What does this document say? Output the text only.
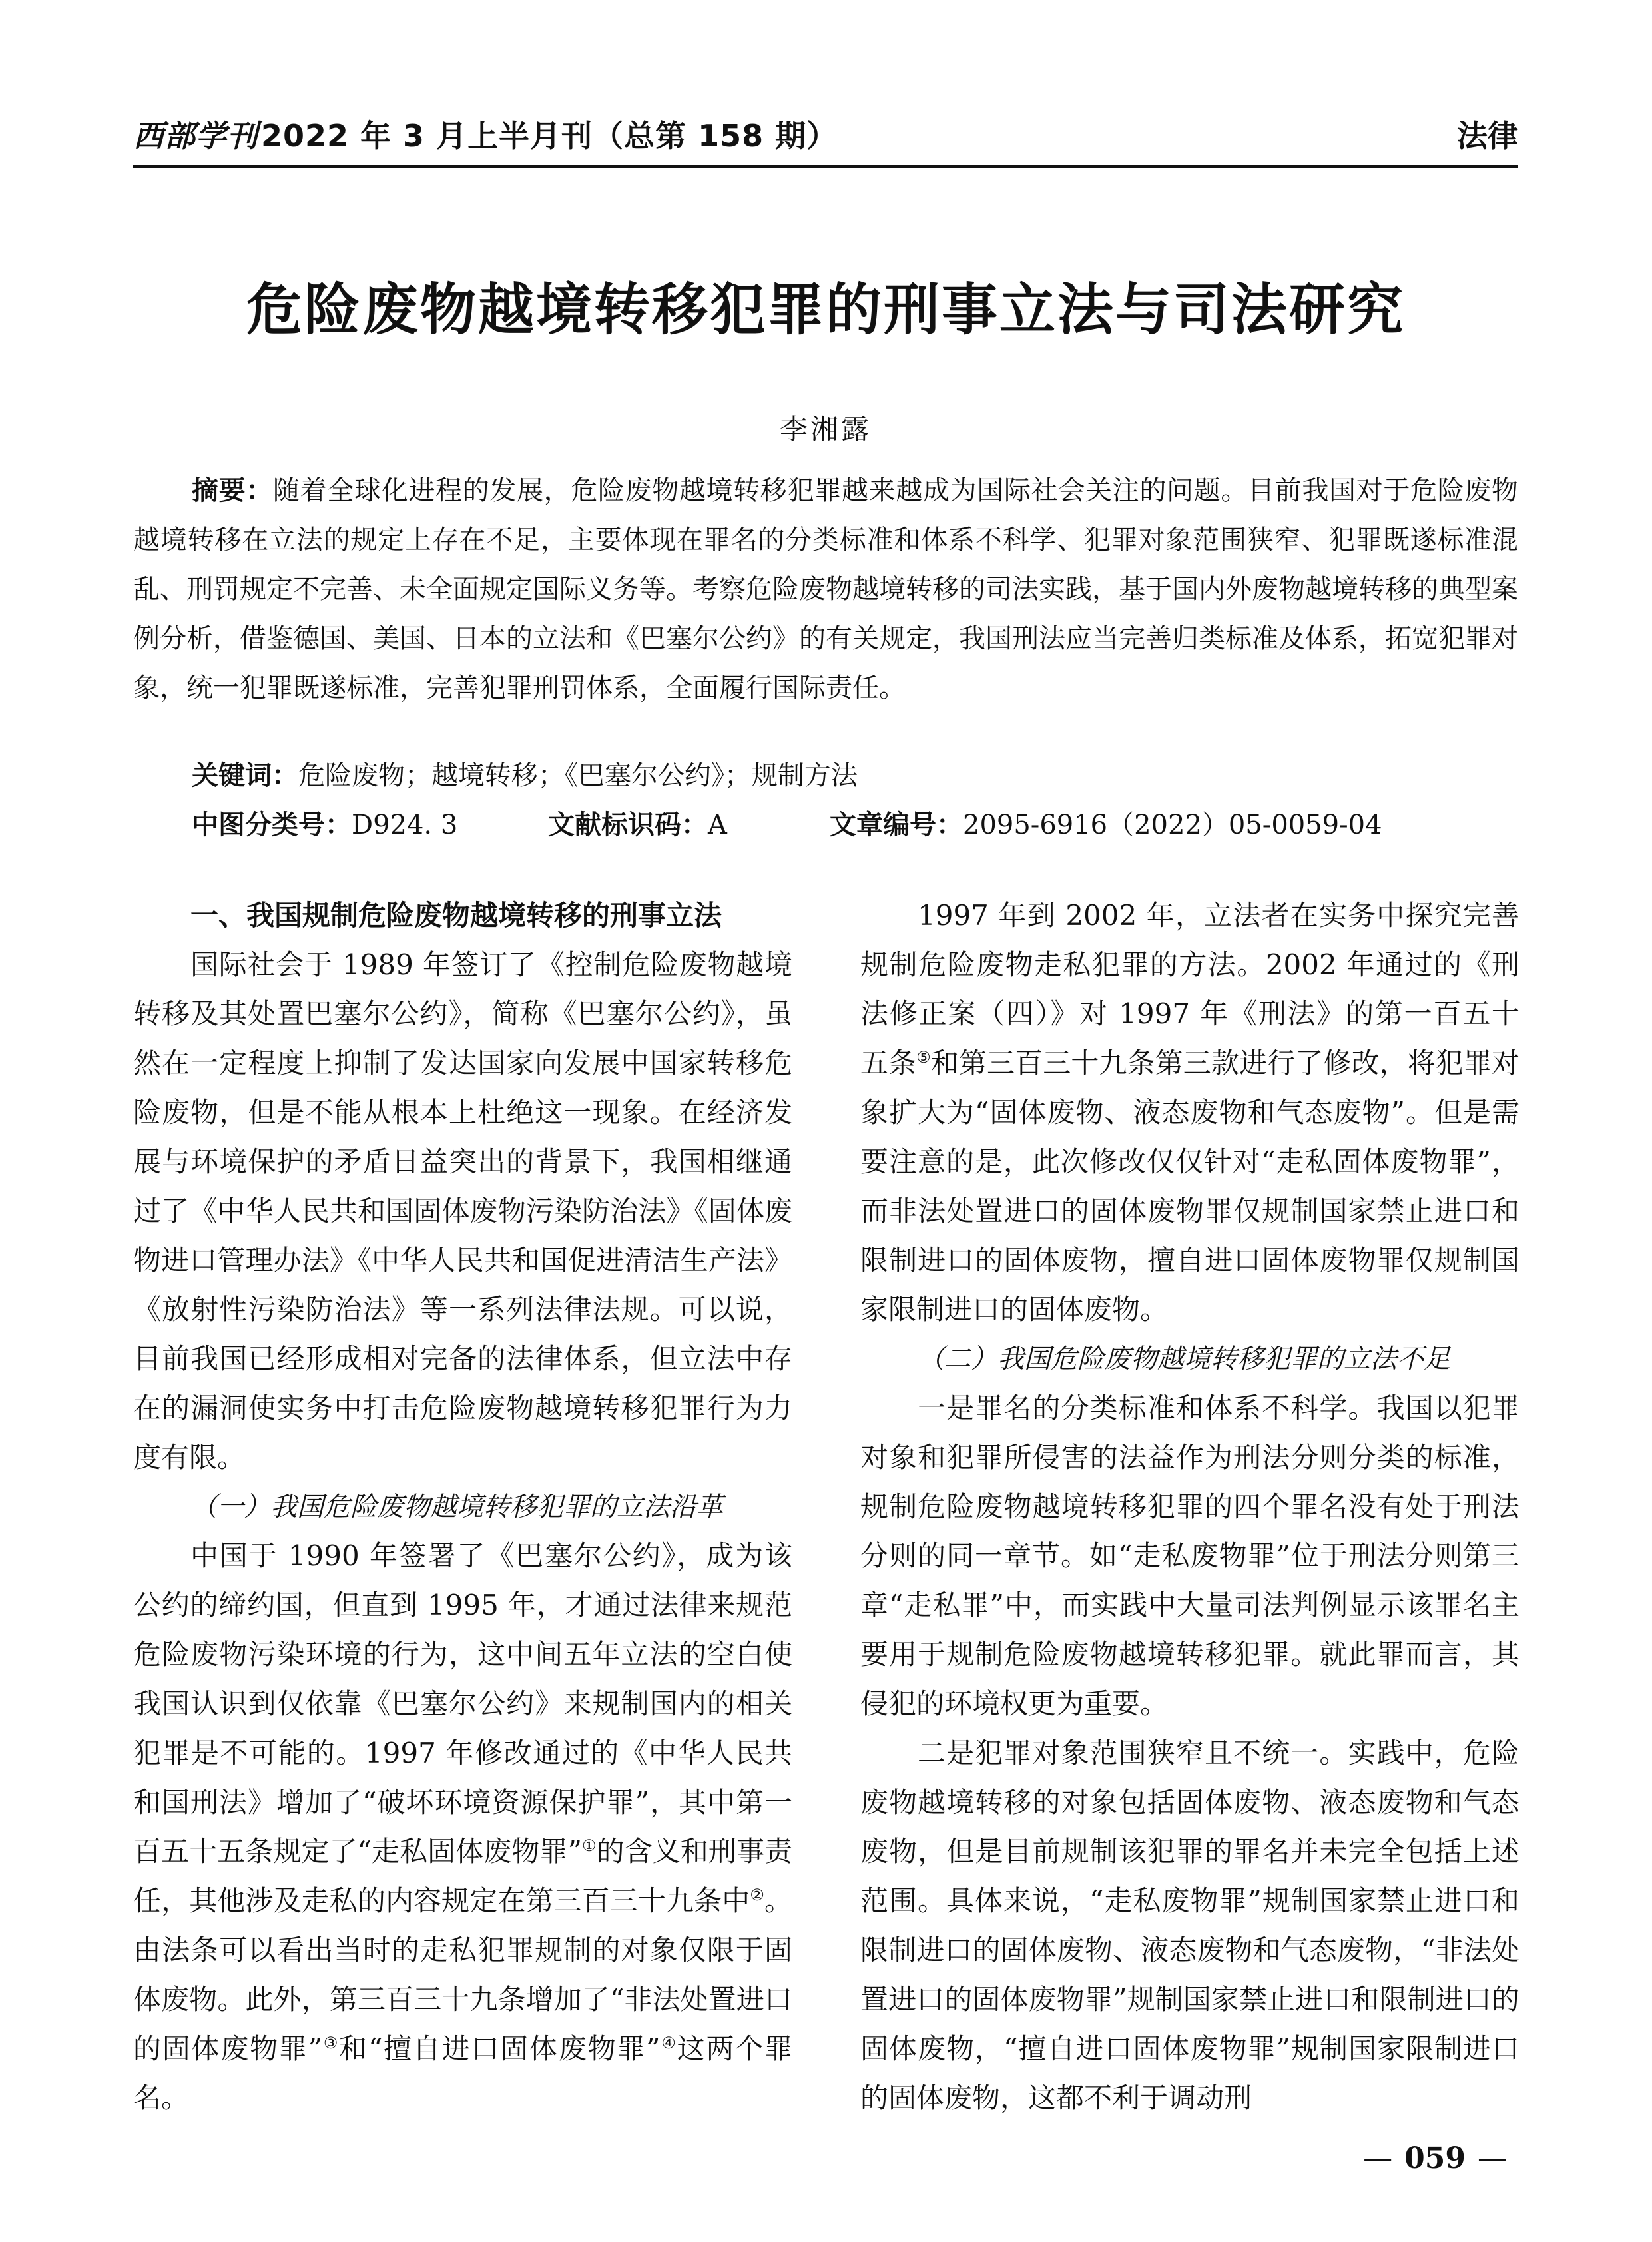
西部学刊2022 年 3 月上半月刊（总第 158 期）	法律
危险废物越境转移犯罪的刑事立法与司法研究
李湘露

摘要：随着全球化进程的发展，危险废物越境转移犯罪越来越成为国际社会关注的问题。目前我国对于危险废物越境转移在立法的规定上存在不足，主要体现在罪名的分类标准和体系不科学、犯罪对象范围狭窄、犯罪既遂标准混乱、刑罚规定不完善、未全面规定国际义务等。考察危险废物越境转移的司法实践，基于国内外废物越境转移的典型案例分析，借鉴德国、美国、日本的立法和《巴塞尔公约》的有关规定，我国刑法应当完善归类标准及体系，拓宽犯罪对象，统一犯罪既遂标准，完善犯罪刑罚体系，全面履行国际责任。

关键词：危险废物；越境转移；《巴塞尔公约》；规制方法
中图分类号：D924. 3	文献标识码：A	文章编号：2095-6916（2022）05-0059-04

一、我国规制危险废物越境转移的刑事立法

国际社会于 1989 年签订了《控制危险废物越境转移及其处置巴塞尔公约》，简称《巴塞尔公约》，虽然在一定程度上抑制了发达国家向发展中国家转移危险废物，但是不能从根本上杜绝这一现象。在经济发展与环境保护的矛盾日益突出的背景下，我国相继通过了《中华人民共和国固体废物污染防治法》《固体废物进口管理办法》《中华人民共和国促进清洁生产法》《放射性污染防治法》等一系列法律法规。可以说，目前我国已经形成相对完备的法律体系，但立法中存在的漏洞使实务中打击危险废物越境转移犯罪行为力度有限。

（一）我国危险废物越境转移犯罪的立法沿革

中国于 1990 年签署了《巴塞尔公约》，成为该公约的缔约国，但直到 1995 年，才通过法律来规范危险废物污染环境的行为，这中间五年立法的空白使我国认识到仅依靠《巴塞尔公约》来规制国内的相关犯罪是不可能的。1997 年修改通过的《中华人民共和国刑法》增加了“破坏环境资源保护罪”，其中第一百五十五条规定了“走私固体废物罪”①的含义和刑事责任，其他涉及走私的内容规定在第三百三十九条中②。由法条可以看出当时的走私犯罪规制的对象仅限于固体废物。此外，第三百三十九条增加了“非法处置进口的固体废物罪”③和“擅自进口固体废物罪”④这两个罪名。

1997 年到 2002 年，立法者在实务中探究完善规制危险废物走私犯罪的方法。2002 年通过的《刑法修正案（四）》对 1997 年《刑法》的第一百五十五条⑤和第三百三十九条第三款进行了修改，将犯罪对象扩大为“固体废物、液态废物和气态废物”。但是需要注意的是，此次修改仅仅针对“走私固体废物罪”，而非法处置进口的固体废物罪仅规制国家禁止进口和限制进口的固体废物，擅自进口固体废物罪仅规制国家限制进口的固体废物。

（二）我国危险废物越境转移犯罪的立法不足

一是罪名的分类标准和体系不科学。我国以犯罪对象和犯罪所侵害的法益作为刑法分则分类的标准，规制危险废物越境转移犯罪的四个罪名没有处于刑法分则的同一章节。如“走私废物罪”位于刑法分则第三章“走私罪”中，而实践中大量司法判例显示该罪名主要用于规制危险废物越境转移犯罪。就此罪而言，其侵犯的环境权更为重要。

二是犯罪对象范围狭窄且不统一。实践中，危险废物越境转移的对象包括固体废物、液态废物和气态废物，但是目前规制该犯罪的罪名并未完全包括上述范围。具体来说，“走私废物罪”规制国家禁止进口和限制进口的固体废物、液态废物和气态废物，“非法处置进口的固体废物罪”规制国家禁止进口和限制进口的固体废物，“擅自进口固体废物罪”规制国家限制进口的固体废物，这都不利于调动刑

— 059 —
